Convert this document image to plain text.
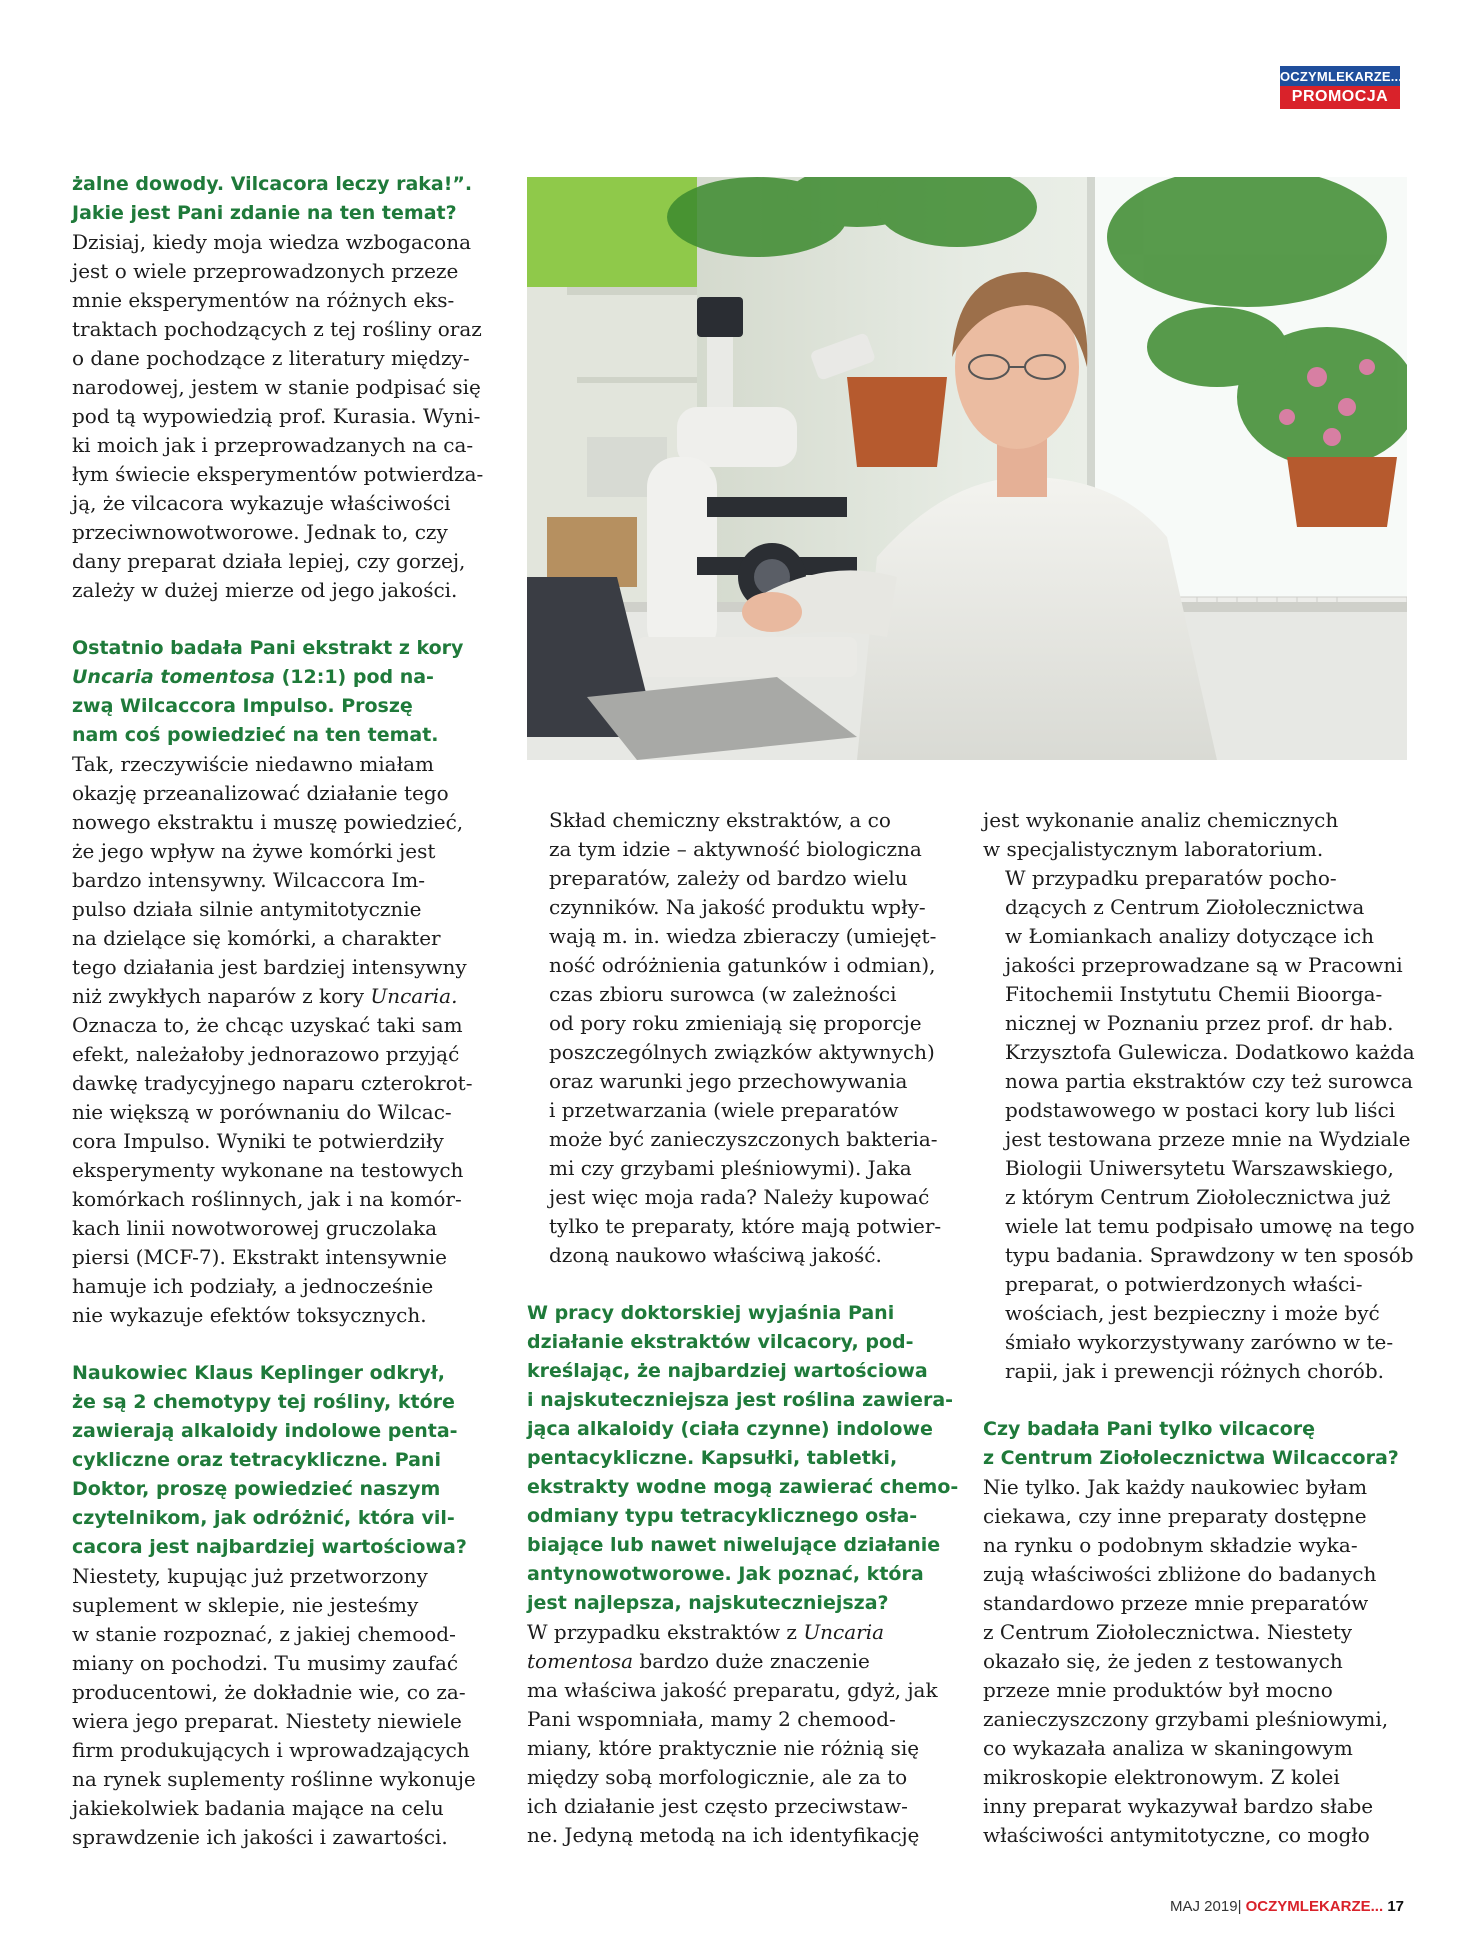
OCZYMLEKARZE...
PROMOCJA
żalne dowody. Vilcacora leczy raka!”.
Jakie jest Pani zdanie na ten temat?
Dzisiaj, kiedy moja wiedza wzbogacona
jest o wiele przeprowadzonych przeze
mnie eksperymentów na różnych eks-
traktach pochodzących z tej rośliny oraz
o dane pochodzące z literatury między-
narodowej, jestem w stanie podpisać się
pod tą wypowiedzią prof. Kurasia. Wyni-
ki moich jak i przeprowadzanych na ca-
łym świecie eksperymentów potwierdza-
ją, że vilcacora wykazuje właściwości
przeciwnowotworowe. Jednak to, czy
dany preparat działa lepiej, czy gorzej,
zależy w dużej mierze od jego jakości.
Ostatnio badała Pani ekstrakt z kory
Uncaria tomentosa (12:1) pod na-
zwą Wilcaccora Impulso. Proszę
nam coś powiedzieć na ten temat.
Tak, rzeczywiście niedawno miałam
okazję przeanalizować działanie tego
nowego ekstraktu i muszę powiedzieć,
że jego wpływ na żywe komórki jest
bardzo intensywny. Wilcaccora Im-
pulso działa silnie antymitotycznie
na dzielące się komórki, a charakter
tego działania jest bardziej intensywny
niż zwykłych naparów z kory Uncaria.
Oznacza to, że chcąc uzyskać taki sam
efekt, należałoby jednorazowo przyjąć
dawkę tradycyjnego naparu czterokrot-
nie większą w porównaniu do Wilcac-
cora Impulso. Wyniki te potwierdziły
eksperymenty wykonane na testowych
komórkach roślinnych, jak i na komór-
kach linii nowotworowej gruczolaka
piersi (MCF-7). Ekstrakt intensywnie
hamuje ich podziały, a jednocześnie
nie wykazuje efektów toksycznych.
Naukowiec Klaus Keplinger odkrył,
że są 2 chemotypy tej rośliny, które
zawierają alkaloidy indolowe penta-
cykliczne oraz tetracykliczne. Pani
Doktor, proszę powiedzieć naszym
czytelnikom, jak odróżnić, która vil-
cacora jest najbardziej wartościowa?
Niestety, kupując już przetworzony
suplement w sklepie, nie jesteśmy
w stanie rozpoznać, z jakiej chemood-
miany on pochodzi. Tu musimy zaufać
producentowi, że dokładnie wie, co za-
wiera jego preparat. Niestety niewiele
firm produkujących i wprowadzających
na rynek suplementy roślinne wykonuje
jakiekolwiek badania mające na celu
sprawdzenie ich jakości i zawartości.
Skład chemiczny ekstraktów, a co
za tym idzie – aktywność biologiczna
preparatów, zależy od bardzo wielu
czynników. Na jakość produktu wpły-
wają m. in. wiedza zbieraczy (umiejęt-
ność odróżnienia gatunków i odmian),
czas zbioru surowca (w zależności
od pory roku zmieniają się proporcje
poszczególnych związków aktywnych)
oraz warunki jego przechowywania
i przetwarzania (wiele preparatów
może być zanieczyszczonych bakteria-
mi czy grzybami pleśniowymi). Jaka
jest więc moja rada? Należy kupować
tylko te preparaty, które mają potwier-
dzoną naukowo właściwą jakość.
W pracy doktorskiej wyjaśnia Pani
działanie ekstraktów vilcacory, pod-
kreślając, że najbardziej wartościowa
i najskuteczniejsza jest roślina zawiera-
jąca alkaloidy (ciała czynne) indolowe
pentacykliczne. Kapsułki, tabletki,
ekstrakty wodne mogą zawierać chemo-
odmiany typu tetracyklicznego osła-
biające lub nawet niwelujące działanie
antynowotworowe. Jak poznać, która
jest najlepsza, najskuteczniejsza?
W przypadku ekstraktów z Uncaria
tomentosa bardzo duże znaczenie
ma właściwa jakość preparatu, gdyż, jak
Pani wspomniała, mamy 2 chemood-
miany, które praktycznie nie różnią się
między sobą morfologicznie, ale za to
ich działanie jest często przeciwstaw-
ne. Jedyną metodą na ich identyfikację
jest wykonanie analiz chemicznych
w specjalistycznym laboratorium.
W przypadku preparatów pocho-
dzących z Centrum Ziołolecznictwa
w Łomiankach analizy dotyczące ich
jakości przeprowadzane są w Pracowni
Fitochemii Instytutu Chemii Bioorga-
nicznej w Poznaniu przez prof. dr hab.
Krzysztofa Gulewicza. Dodatkowo każda
nowa partia ekstraktów czy też surowca
podstawowego w postaci kory lub liści
jest testowana przeze mnie na Wydziale
Biologii Uniwersytetu Warszawskiego,
z którym Centrum Ziołolecznictwa już
wiele lat temu podpisało umowę na tego
typu badania. Sprawdzony w ten sposób
preparat, o potwierdzonych właści-
wościach, jest bezpieczny i może być
śmiało wykorzystywany zarówno w te-
rapii, jak i prewencji różnych chorób.
Czy badała Pani tylko vilcacorę
z Centrum Ziołolecznictwa Wilcaccora?
Nie tylko. Jak każdy naukowiec byłam
ciekawa, czy inne preparaty dostępne
na rynku o podobnym składzie wyka-
zują właściwości zbliżone do badanych
standardowo przeze mnie preparatów
z Centrum Ziołolecznictwa. Niestety
okazało się, że jeden z testowanych
przeze mnie produktów był mocno
zanieczyszczony grzybami pleśniowymi,
co wykazała analiza w skaningowym
mikroskopie elektronowym. Z kolei
inny preparat wykazywał bardzo słabe
właściwości antymitotyczne, co mogło
MAJ 2019| OCZYMLEKARZE... 17
